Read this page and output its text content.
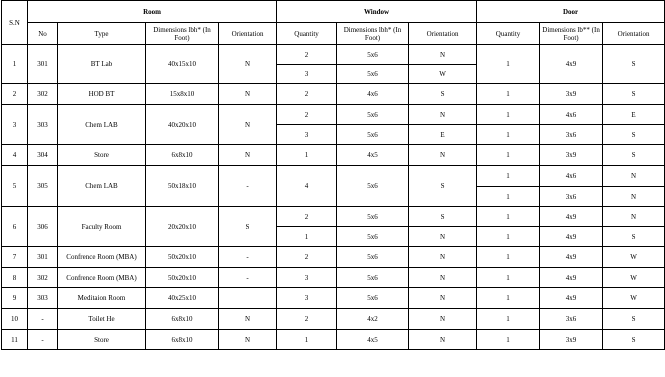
S.N	Room				Window			Door		
	No	Type	Dimensions lbh* (In Foot)	Orientation	Quantity	Dimensions lbh* (In Foot)	Orientation	Quantity	Dimensions lb** (In Foot)	Orientation
1	301	BT Lab	40x15x10	N	2	5x6	N	1	4x9	S
					3	5x6	W			
2	302	HOD BT	15x8x10	N	2	4x6	S	1	3x9	S
3	303	Chem LAB	40x20x10	N	2	5x6	N	1	4x6	E
					3	5x6	E	1	3x6	S
4	304	Store	6x8x10	N	1	4x5	N	1	3x9	S
5	305	Chem LAB	50x18x10	-	4	5x6	S	1	4x6	N
								1	3x6	N
6	306	Faculty Room	20x20x10	S	2	5x6	S	1	4x9	N
					1	5x6	N	1	4x9	S
7	301	Confrence Room (MBA)	50x20x10	-	2	5x6	N	1	4x9	W
8	302	Confrence Room (MBA)	50x20x10	-	3	5x6	N	1	4x9	W
9	303	Meditaion Room	40x25x10		3	5x6	N	1	4x9	W
10	-	Toilet He	6x8x10	N	2	4x2	N	1	3x6	S
11	-	Store	6x8x10	N	1	4x5	N	1	3x9	S
